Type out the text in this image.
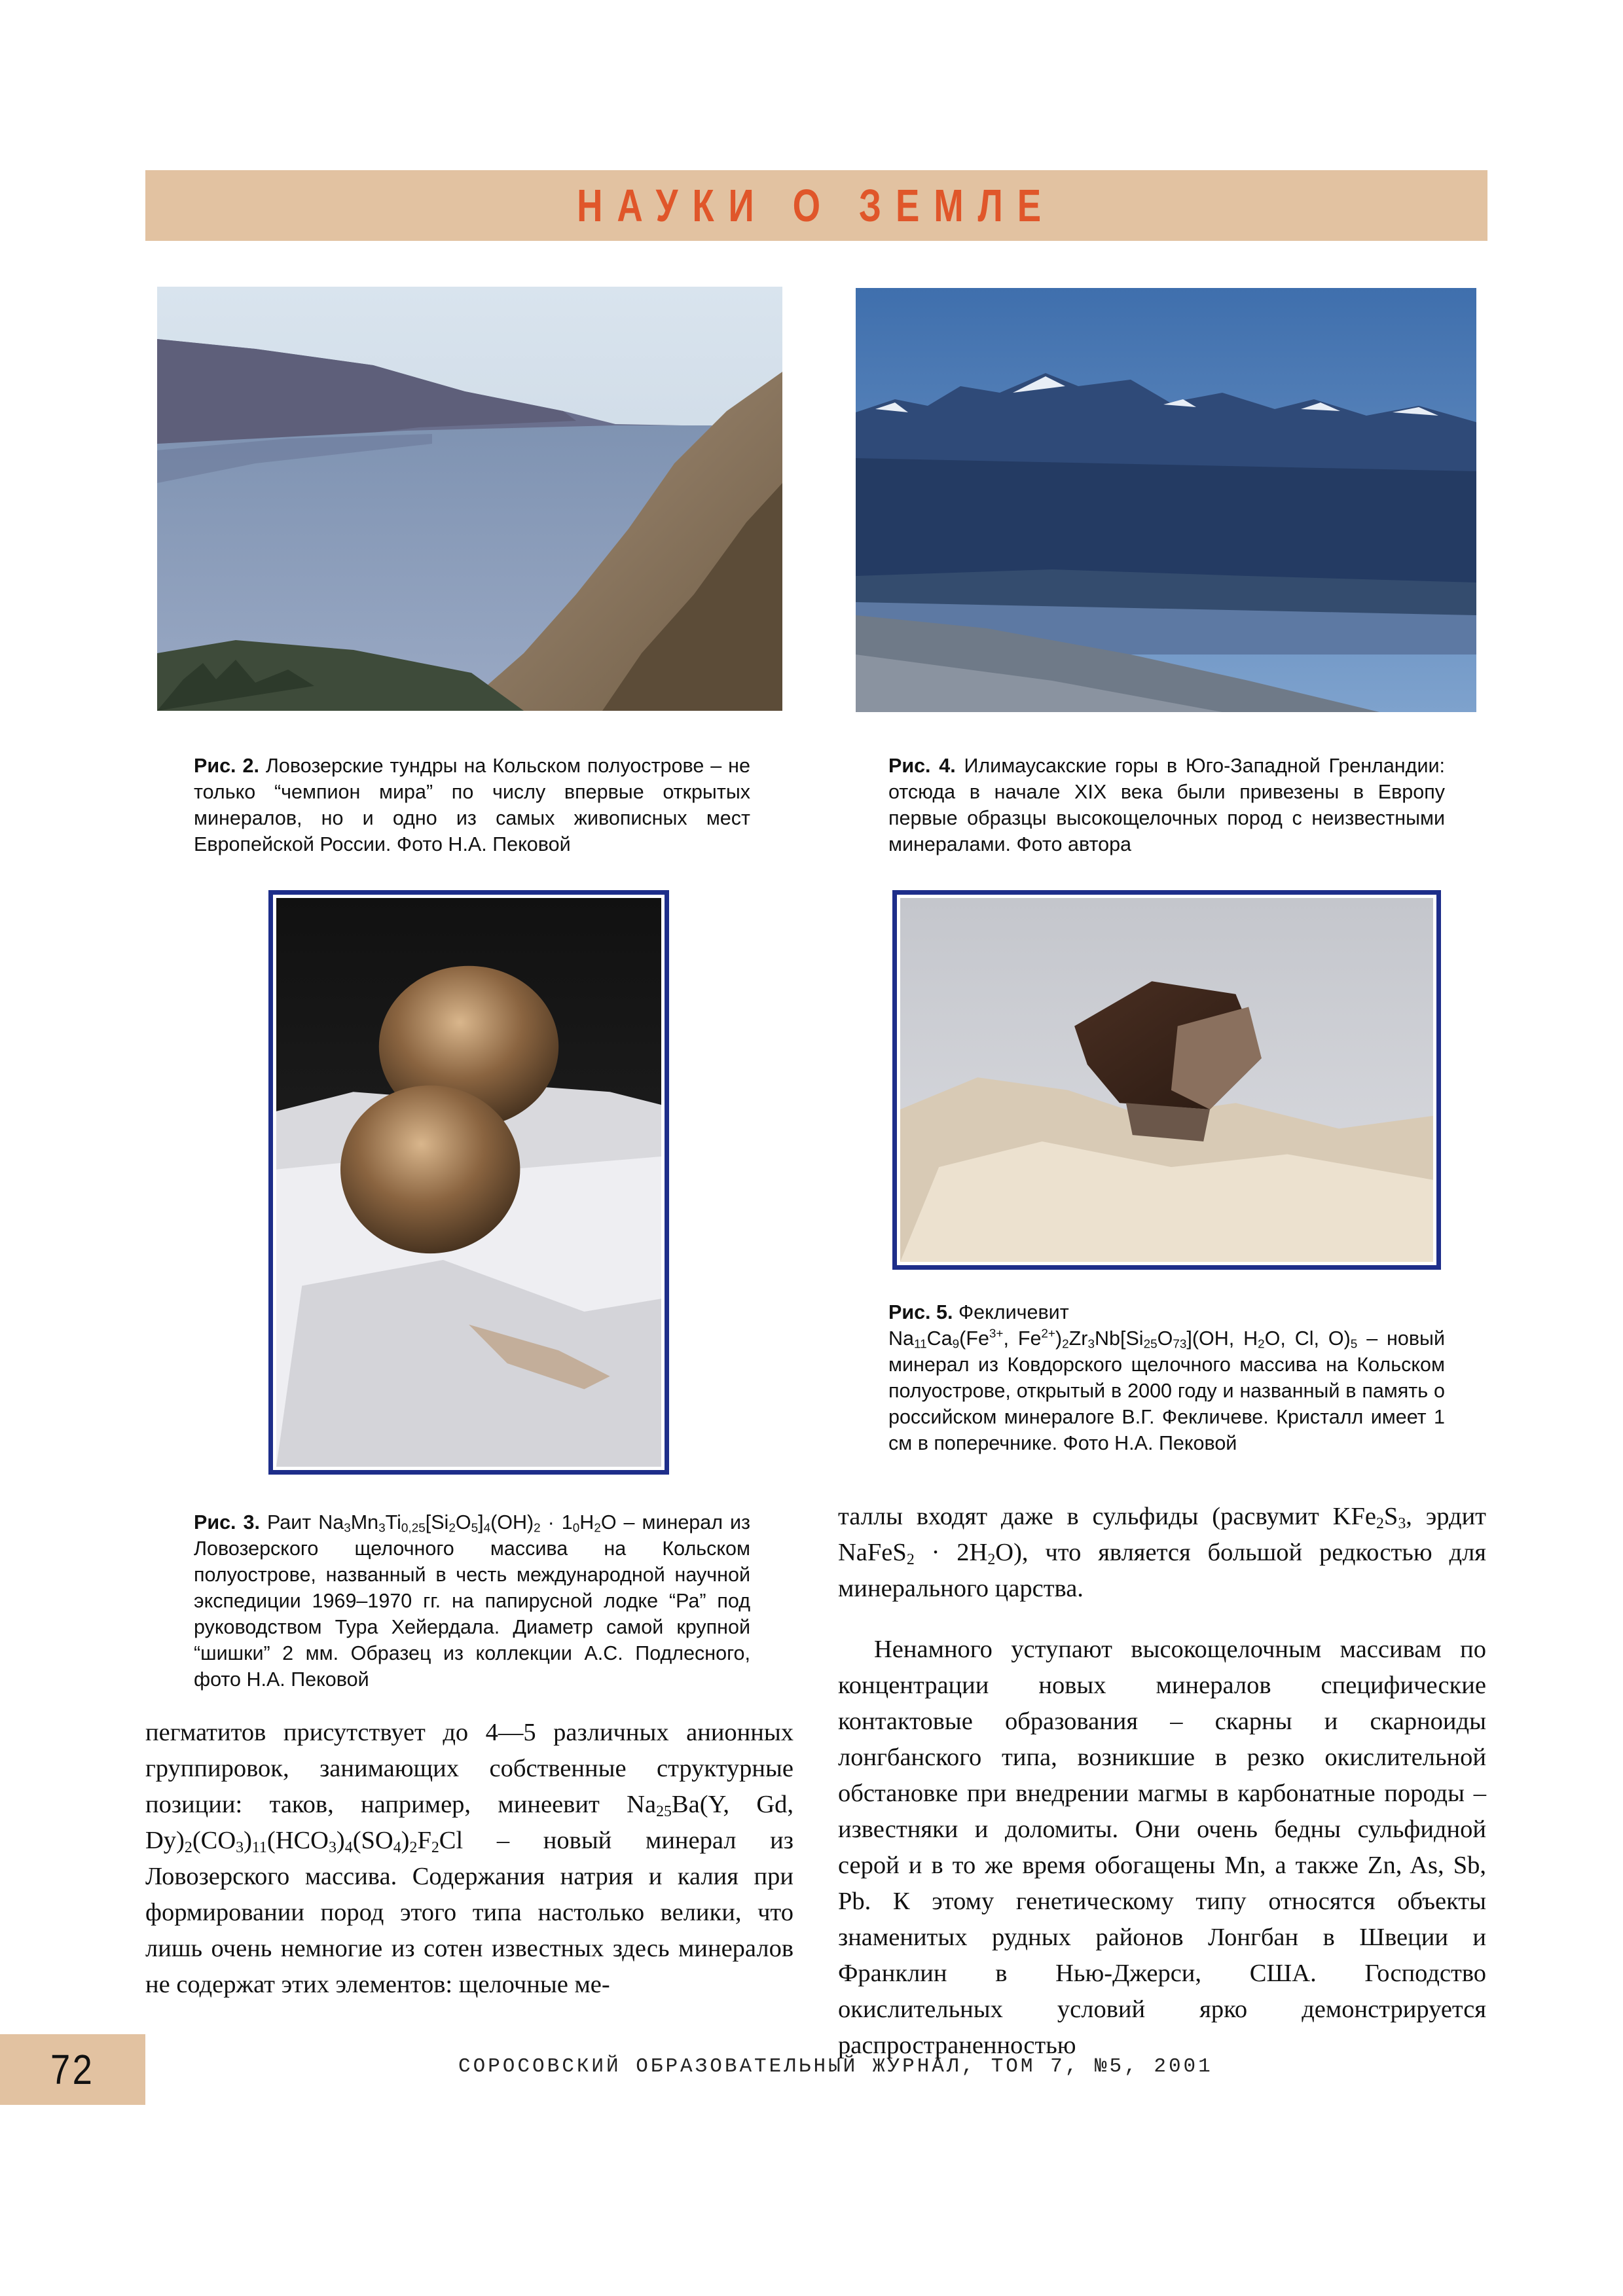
НАУКИ О ЗЕМЛЕ
Рис. 2. Ловозерские тундры на Кольском полуострове – не только “чемпион мира” по числу впервые открытых минералов, но и одно из самых живописных мест Европейской России. Фото Н.А. Пековой
Рис. 4. Илимаусакские горы в Юго-Западной Гренландии: отсюда в начале XIX века были привезены в Европу первые образцы высокощелочных пород с неизвестными минералами. Фото автора
Рис. 5. Фекличевит
$Na_{11}Ca_9(Fe^{3+}$, $Fe^{2+})_2Zr_3Nb[Si_{25}O_{73}](OH$, $H_2O$, Cl, $O)_5$ – новый минерал из Ковдорского щелочного массива на Кольском полуострове, открытый в 2000 году и названный в память о российском минералоге В.Г. Фекличеве. Кристалл имеет 1 см в поперечнике. Фото Н.А. Пековой
Рис. 3. Раит $Na_3Mn_3Ti_{0,25}[Si_2O_5]_4(OH)_2 \cdot 1_0H_2O$ – минерал из Ловозерского щелочного массива на Кольском полуострове, названный в честь международной научной экспедиции 1969–1970 гг. на папирусной лодке “Ра” под руководством Тура Хейердала. Диаметр самой крупной “шишки” 2 мм. Образец из коллекции А.С. Подлесного, фото Н.А. Пековой

таллы входят даже в сульфиды (расвумит $KFe_2S_3$, эрдит NaFeS$_2$ · $2H_2O$), что является большой редкостью для минерального царства.

Ненамного уступают высокощелочным массивам по концентрации новых минералов специфические контактовые образования – скарны и скарноиды лонгбанского типа, возникшие в резко окислительной обстановке при внедрении магмы в карбонатные породы – известняки и доломиты. Они очень бедны сульфидной серой и в то же время обогащены Mn, а также Zn, As, Sb, Pb. К этому генетическому типу относятся объекты знаменитых рудных районов Лонгбан в Швеции и Франклин в Нью-Джерси, США. Господство окислительных условий ярко демонстрируется распространенностью

пегматитов присутствует до 4—5 различных анионных группировок, занимающих собственные структурные позиции: таков, например, минеевит $Na_{25}Ba(Y$, Gd, $Dy)_2(CO_3)_{11}(HCO_3)_4(SO_4)_2F_2Cl$ – новый минерал из Ловозерского массива. Содержания натрия и калия при формировании пород этого типа настолько велики, что лишь очень немногие из сотен известных здесь минералов не содержат этих элементов: щелочные ме-

72	СОРОСОВСКИЙ ОБРАЗОВАТЕЛЬНЫЙ ЖУРНАЛ, ТОМ 7, №5, 2001
